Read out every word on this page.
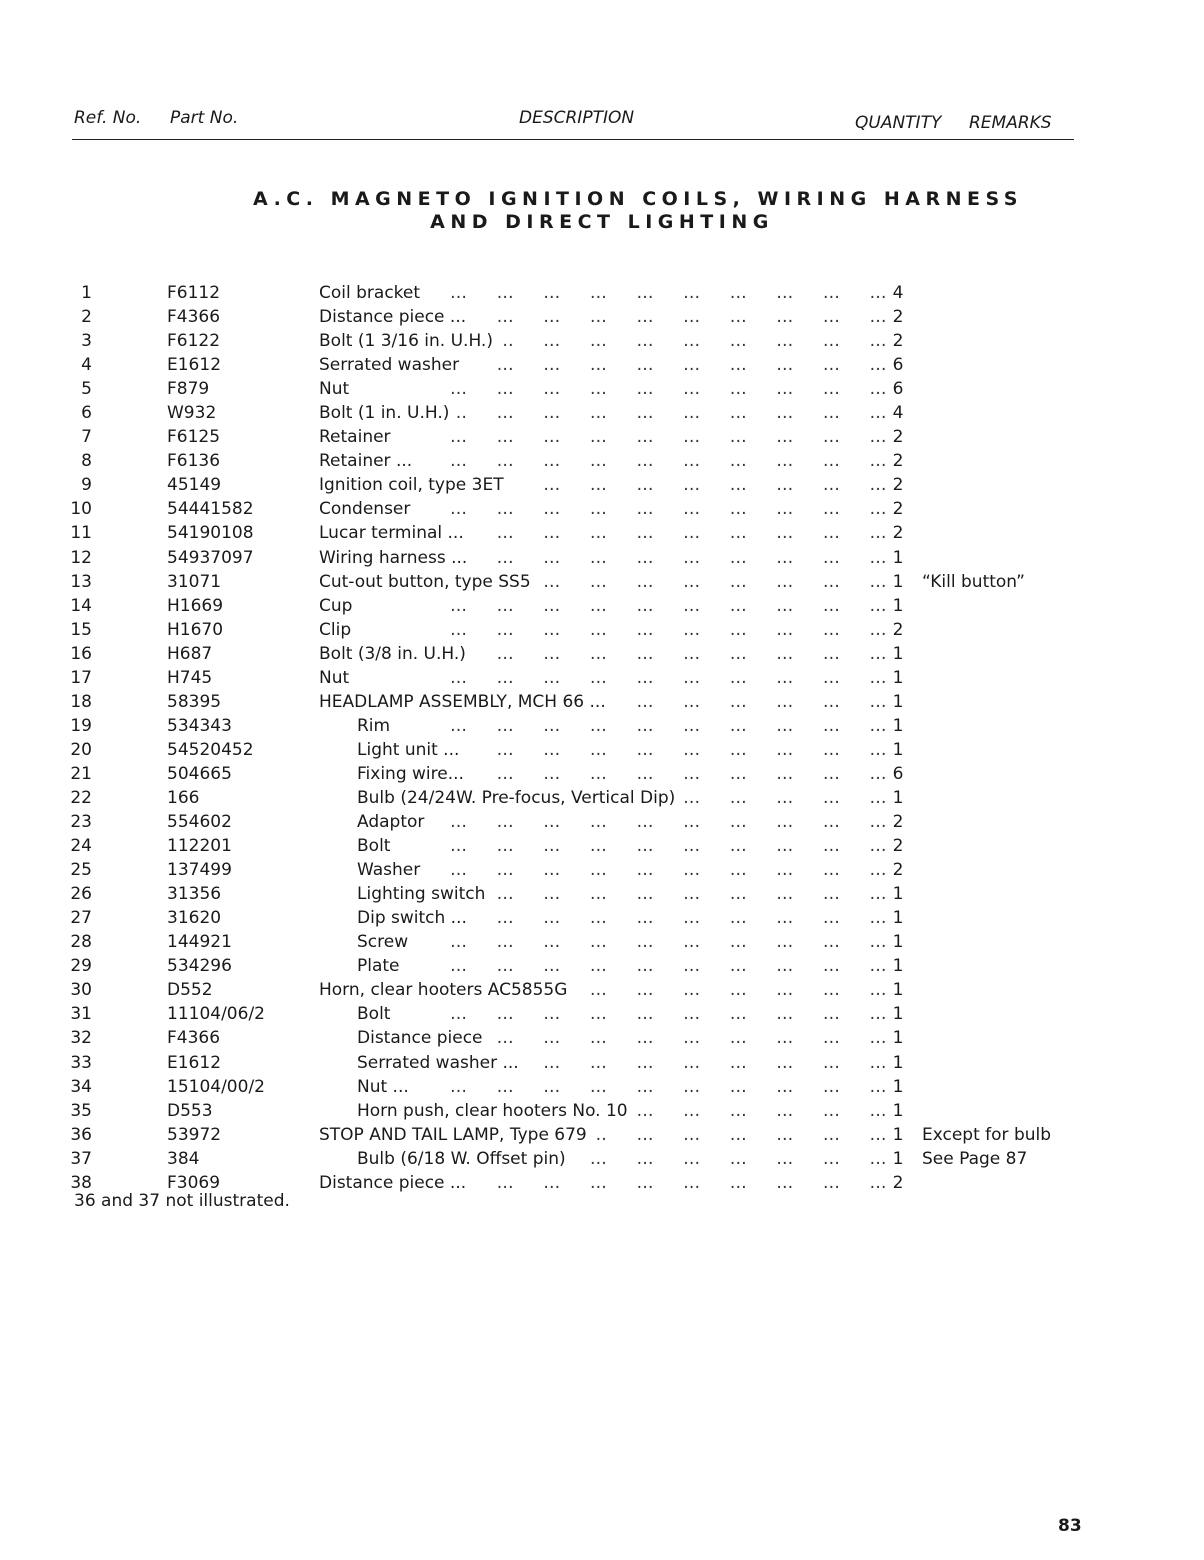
Ref. No. Part No.	DESCRIPTION	QUANTITY REMARKS
A.C. MAGNETO IGNITION COILS, WIRING HARNESS
AND DIRECT LIGHTING
1 … … … … … … … … … … … …	F6112	Coil bracket	4
2 … … … … … … … … … … … …	F4366	Distance piece ...	2
3 … … … … … … … … … … … …	F6122	Bolt (1 3/16 in. U.H.)	2
4 … … … … … … … … … … … …	E1612	Serrated washer	6
5 … … … … … … … … … … … …	F879	Nut	6
6 … … … … … … … … … … … …	W932	Bolt (1 in. U.H.)	4
7 … … … … … … … … … … … …	F6125	Retainer	2
8 … … … … … … … … … … … …	F6136	Retainer ...	2
9 … … … … … … … … … … … …	45149	Ignition coil, type 3ET	2
10 … … … … … … … … … … … …	54441582	Condenser	2
11 … … … … … … … … … … … …	54190108	Lucar terminal ...	2
12 … … … … … … … … … … … …	54937097	Wiring harness ...	1
13 … … … … … … … … … … … …	31071	Cut-out button, type SS5	1 “Kill button”
14 … … … … … … … … … … … …	H1669	Cup	1
15 … … … … … … … … … … … …	H1670	Clip	2
16 … … … … … … … … … … … …	H687	Bolt (3/8 in. U.H.)	1
17 … … … … … … … … … … … …	H745	Nut	1
18 … … … … … … … … … … … …	58395	HEADLAMP ASSEMBLY, MCH 66 ...	1
19 … … … … … … … … … … … …	534343	Rim	1
20 … … … … … … … … … … … …	54520452	Light unit ...	1
21 … … … … … … … … … … … …	504665	Fixing wire...	6
22 … … … … … … … … … … … …	166	Bulb (24/24W. Pre-focus, Vertical Dip)	1
23 … … … … … … … … … … … …	554602	Adaptor	2
24 … … … … … … … … … … … …	112201	Bolt	2
25 … … … … … … … … … … … …	137499	Washer	2
26 … … … … … … … … … … … …	31356	Lighting switch	1
27 … … … … … … … … … … … …	31620	Dip switch ...	1
28 … … … … … … … … … … … …	144921	Screw	1
29 … … … … … … … … … … … …	534296	Plate	1
30 … … … … … … … … … … … …	D552	Horn, clear hooters AC5855G	1
31 … … … … … … … … … … … …	11104/06/2	Bolt	1
32 … … … … … … … … … … … …	F4366	Distance piece	1
33 … … … … … … … … … … … …	E1612	Serrated washer ...	1
34 … … … … … … … … … … … …	15104/00/2	Nut ...	1
35 … … … … … … … … … … … …	D553	Horn push, clear hooters No. 10	1
36 … … … … … … … … … … … …	53972	STOP AND TAIL LAMP, Type 679	1 Except for bulb
37 … … … … … … … … … … … …	384	Bulb (6/18 W. Offset pin)	1 See Page 87
38 … … … … … … … … … … … …	F3069	Distance piece ...	2
36 and 37 not illustrated.
83
